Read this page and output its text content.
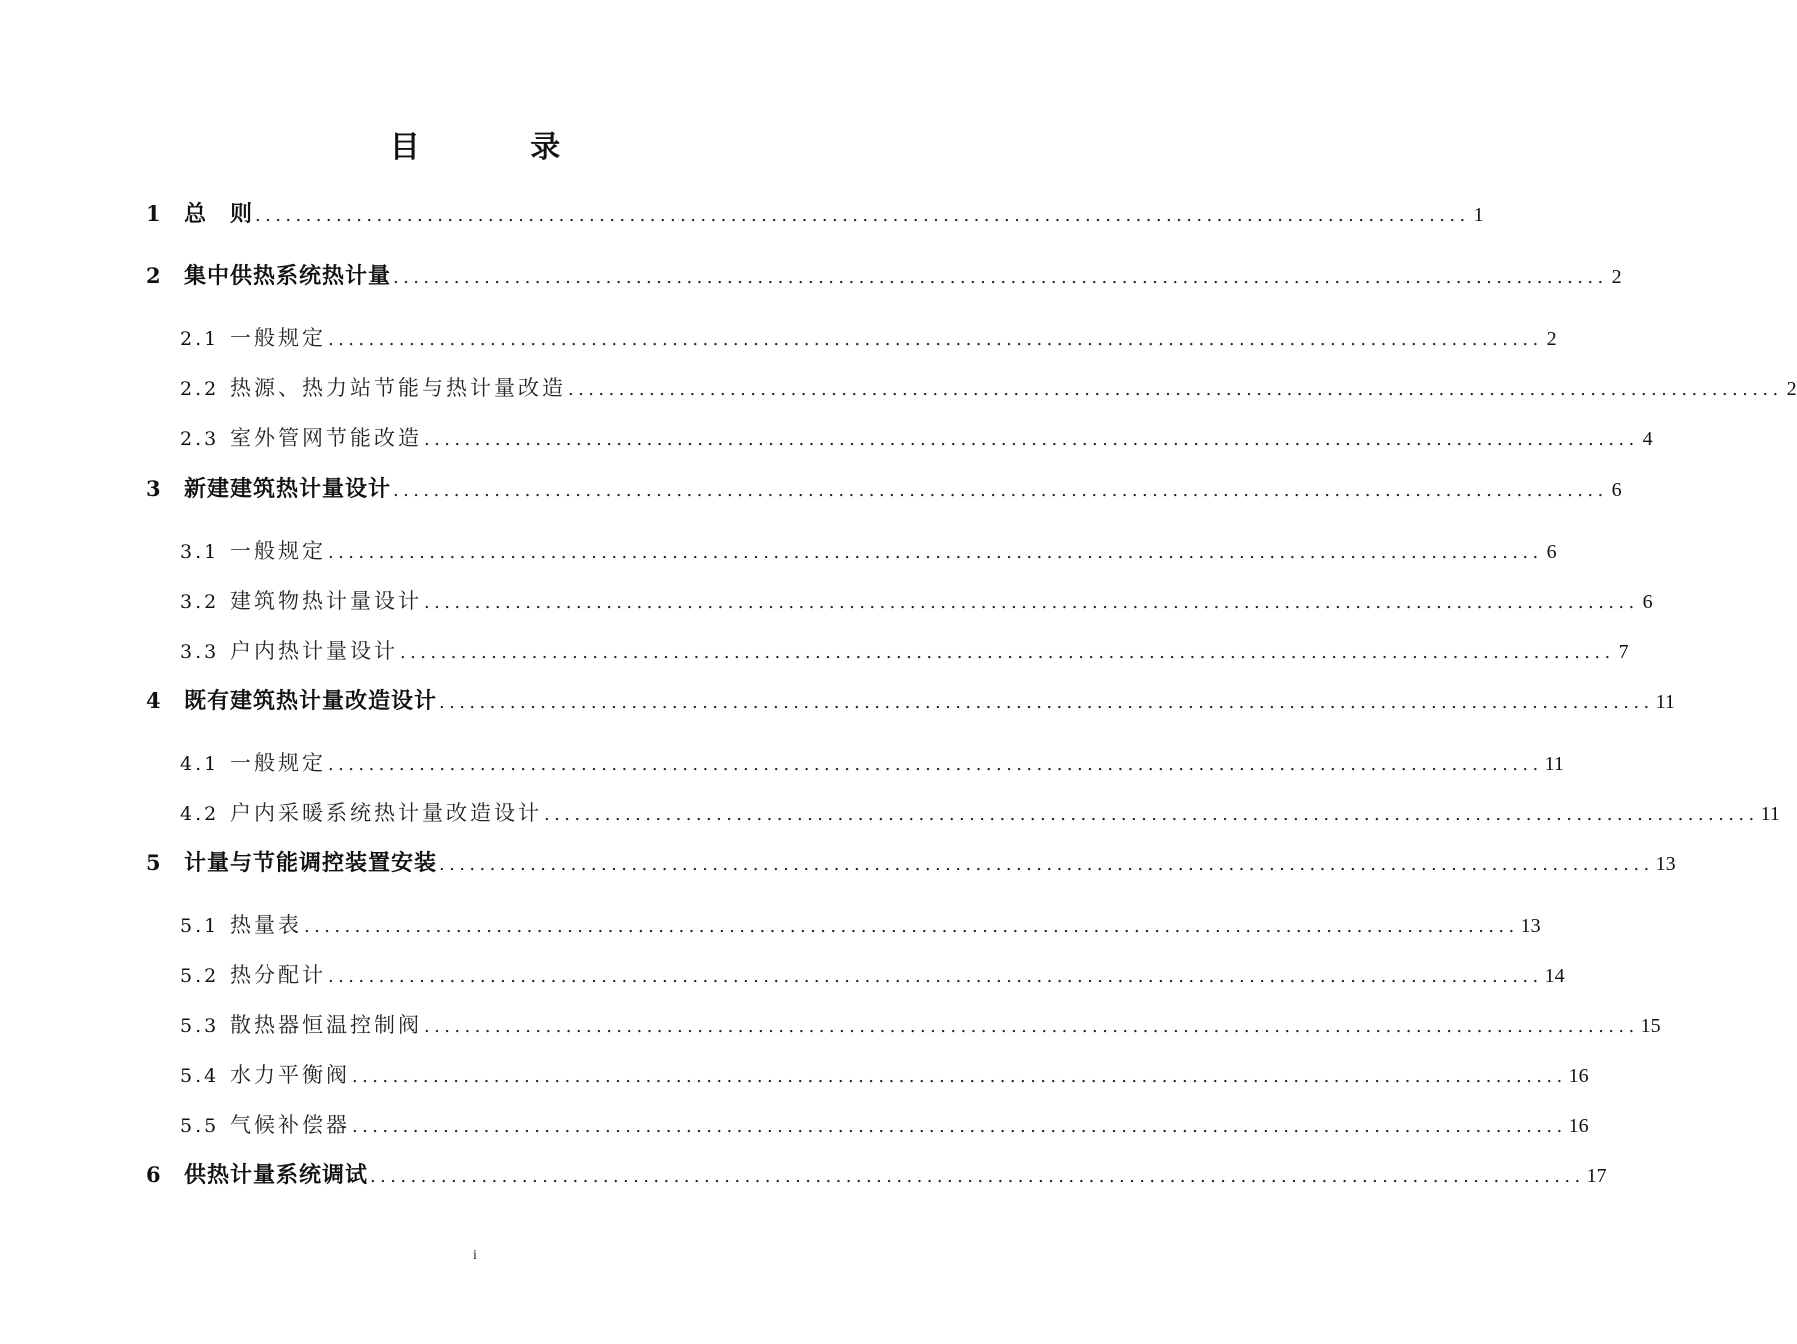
目 录
1	总　则 ........................................................................................................................ 1
2	集中供热系统热计量 ........................................................................................................................ 2
2.1 一般规定 ........................................................................................................................ 2
2.2 热源、热力站节能与热计量改造 ........................................................................................................................ 2
2.3 室外管网节能改造 ........................................................................................................................ 4
3	新建建筑热计量设计 ........................................................................................................................ 6
3.1 一般规定 ........................................................................................................................ 6
3.2 建筑物热计量设计 ........................................................................................................................ 6
3.3 户内热计量设计 ........................................................................................................................ 7
4	既有建筑热计量改造设计 ........................................................................................................................ 11
4.1 一般规定 ........................................................................................................................ 11
4.2 户内采暖系统热计量改造设计 ........................................................................................................................ 11
5	计量与节能调控装置安装 ........................................................................................................................ 13
5.1 热量表 ........................................................................................................................ 13
5.2 热分配计 ........................................................................................................................ 14
5.3 散热器恒温控制阀 ........................................................................................................................ 15
5.4 水力平衡阀 ........................................................................................................................ 16
5.5 气候补偿器 ........................................................................................................................ 16
6	供热计量系统调试 ........................................................................................................................ 17
i
